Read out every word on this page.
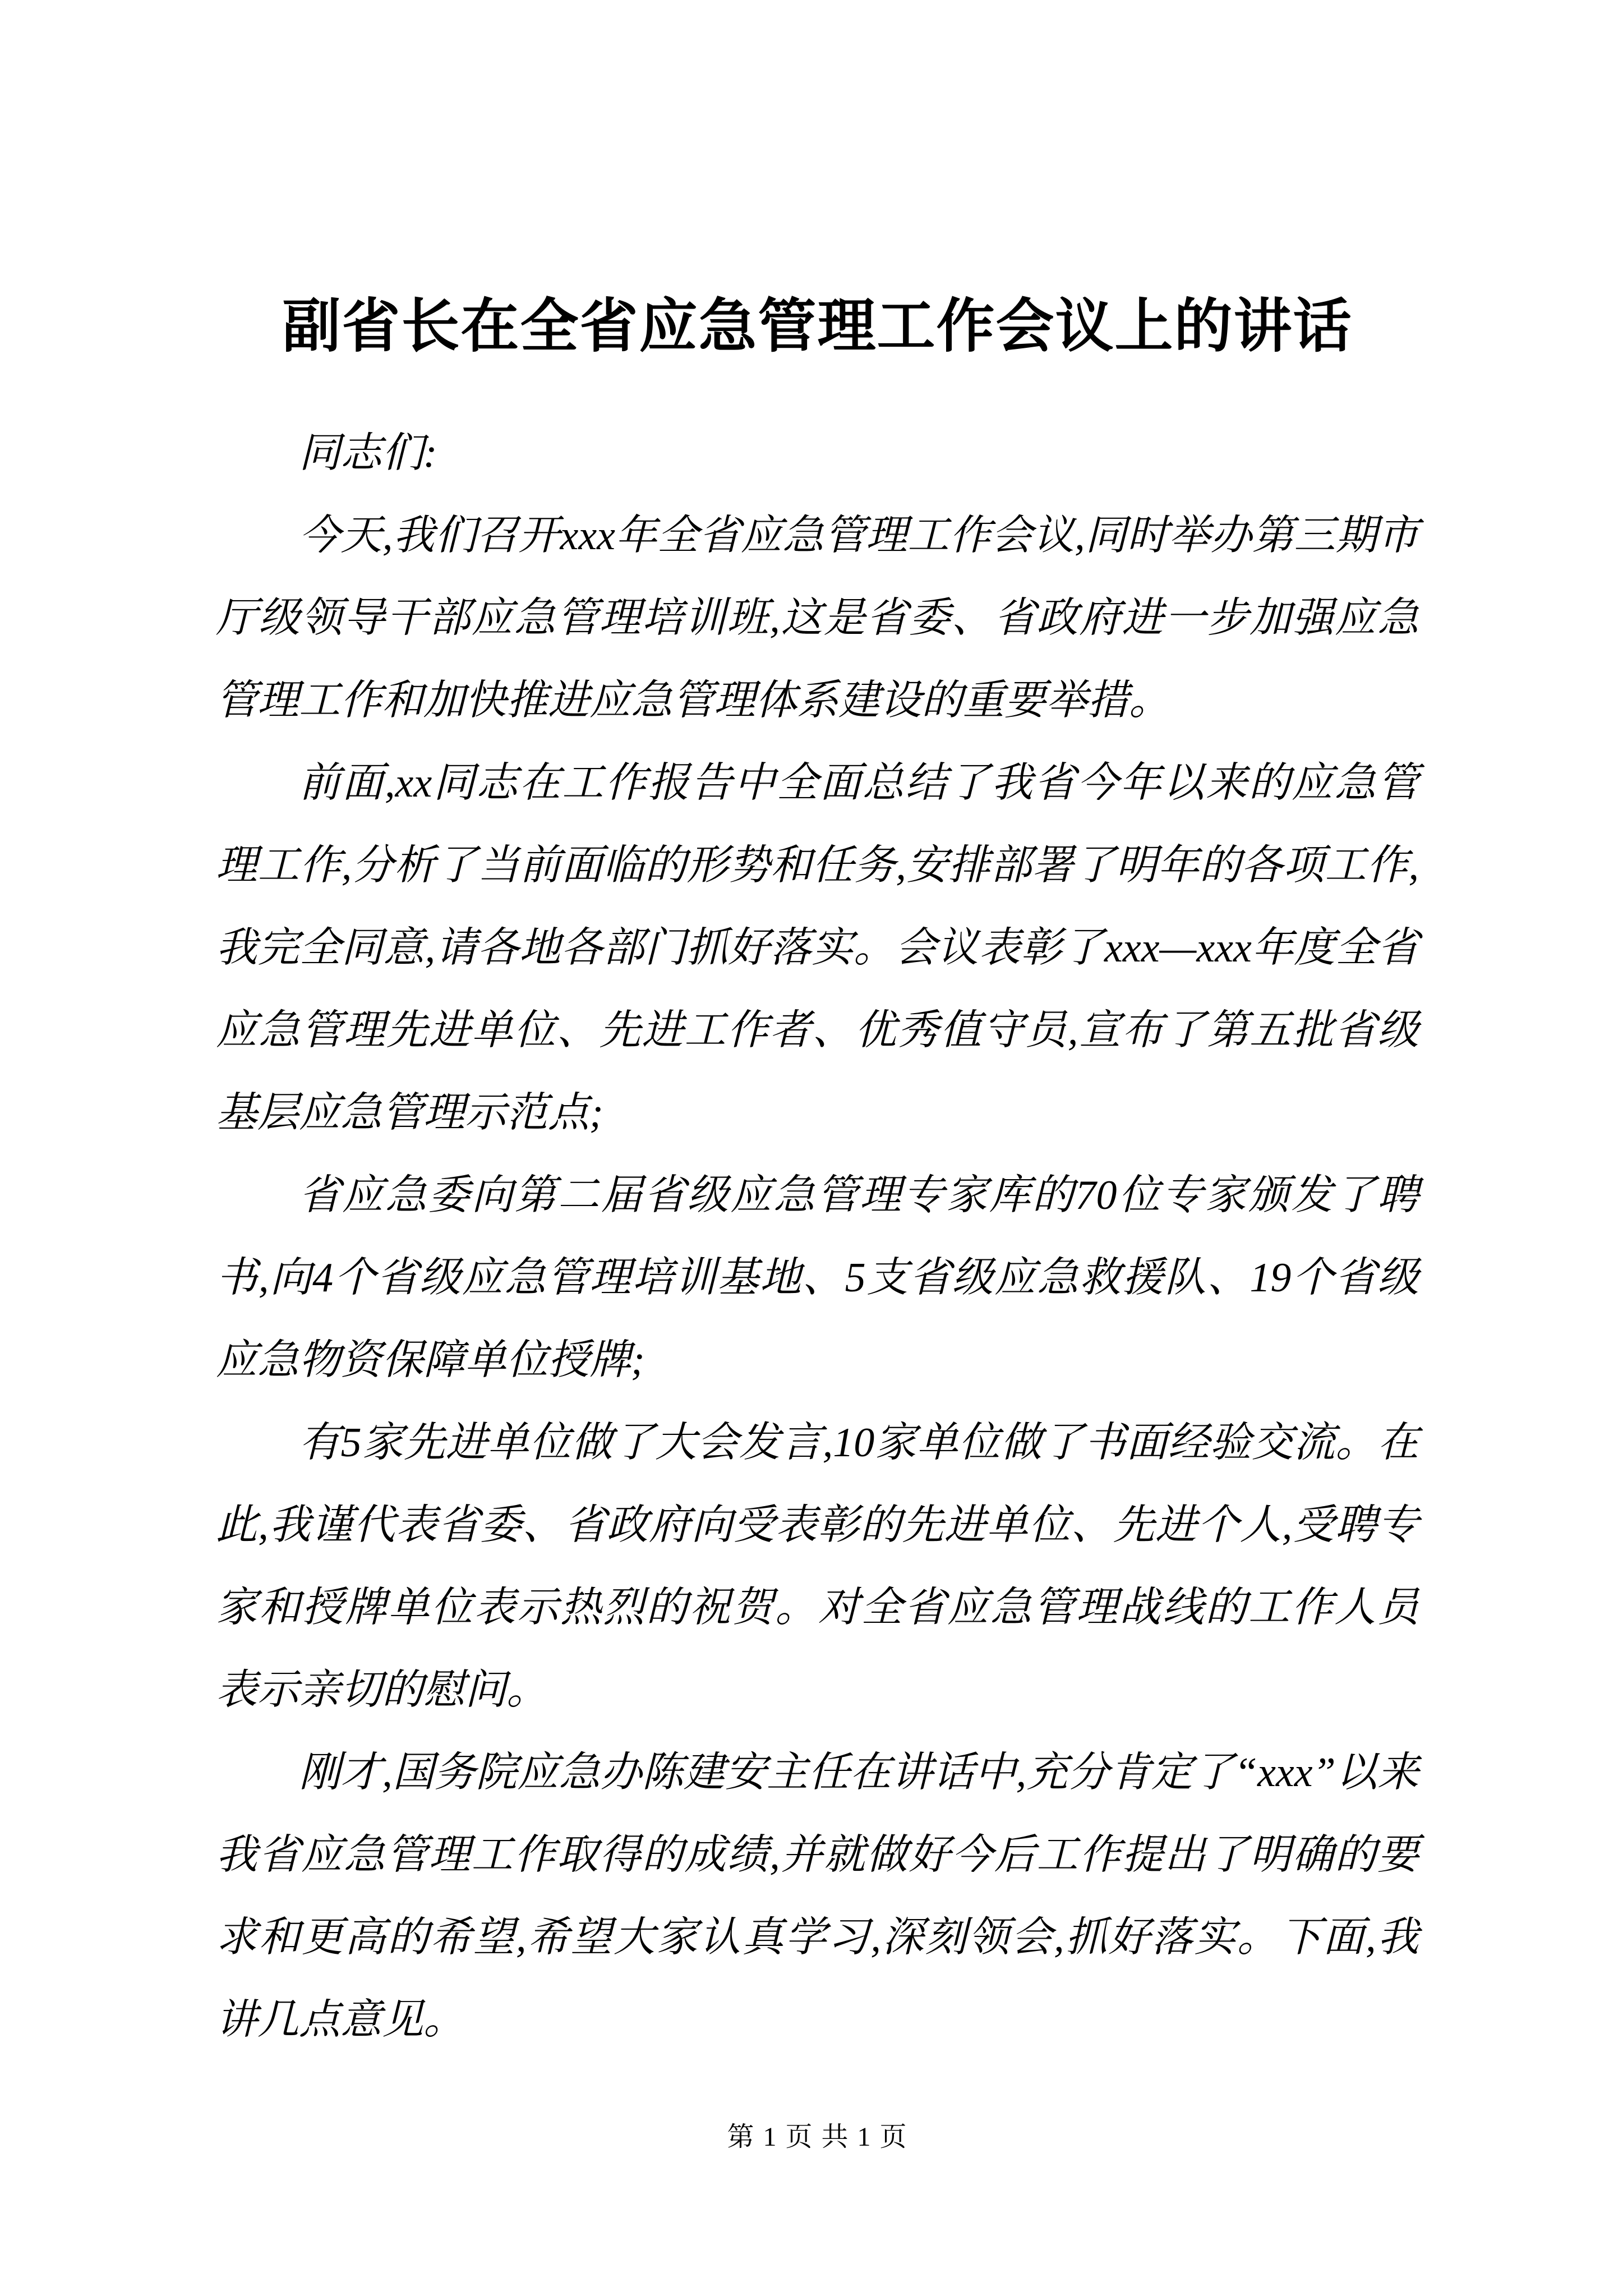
副省长在全省应急管理工作会议上的讲话

同志们:

今天,我们召开xxx年全省应急管理工作会议,同时举办第三期市厅级领导干部应急管理培训班,这是省委、省政府进一步加强应急管理工作和加快推进应急管理体系建设的重要举措。

前面,xx同志在工作报告中全面总结了我省今年以来的应急管理工作,分析了当前面临的形势和任务,安排部署了明年的各项工作,我完全同意,请各地各部门抓好落实。会议表彰了xxx—xxx年度全省应急管理先进单位、先进工作者、优秀值守员,宣布了第五批省级基层应急管理示范点;

省应急委向第二届省级应急管理专家库的70位专家颁发了聘书,向4个省级应急管理培训基地、5支省级应急救援队、19个省级应急物资保障单位授牌;

有5家先进单位做了大会发言,10家单位做了书面经验交流。在此,我谨代表省委、省政府向受表彰的先进单位、先进个人,受聘专家和授牌单位表示热烈的祝贺。对全省应急管理战线的工作人员表示亲切的慰问。

刚才,国务院应急办陈建安主任在讲话中,充分肯定了“xxx”以来我省应急管理工作取得的成绩,并就做好今后工作提出了明确的要求和更高的希望,希望大家认真学习,深刻领会,抓好落实。下面,我讲几点意见。

第 1 页 共 1 页
